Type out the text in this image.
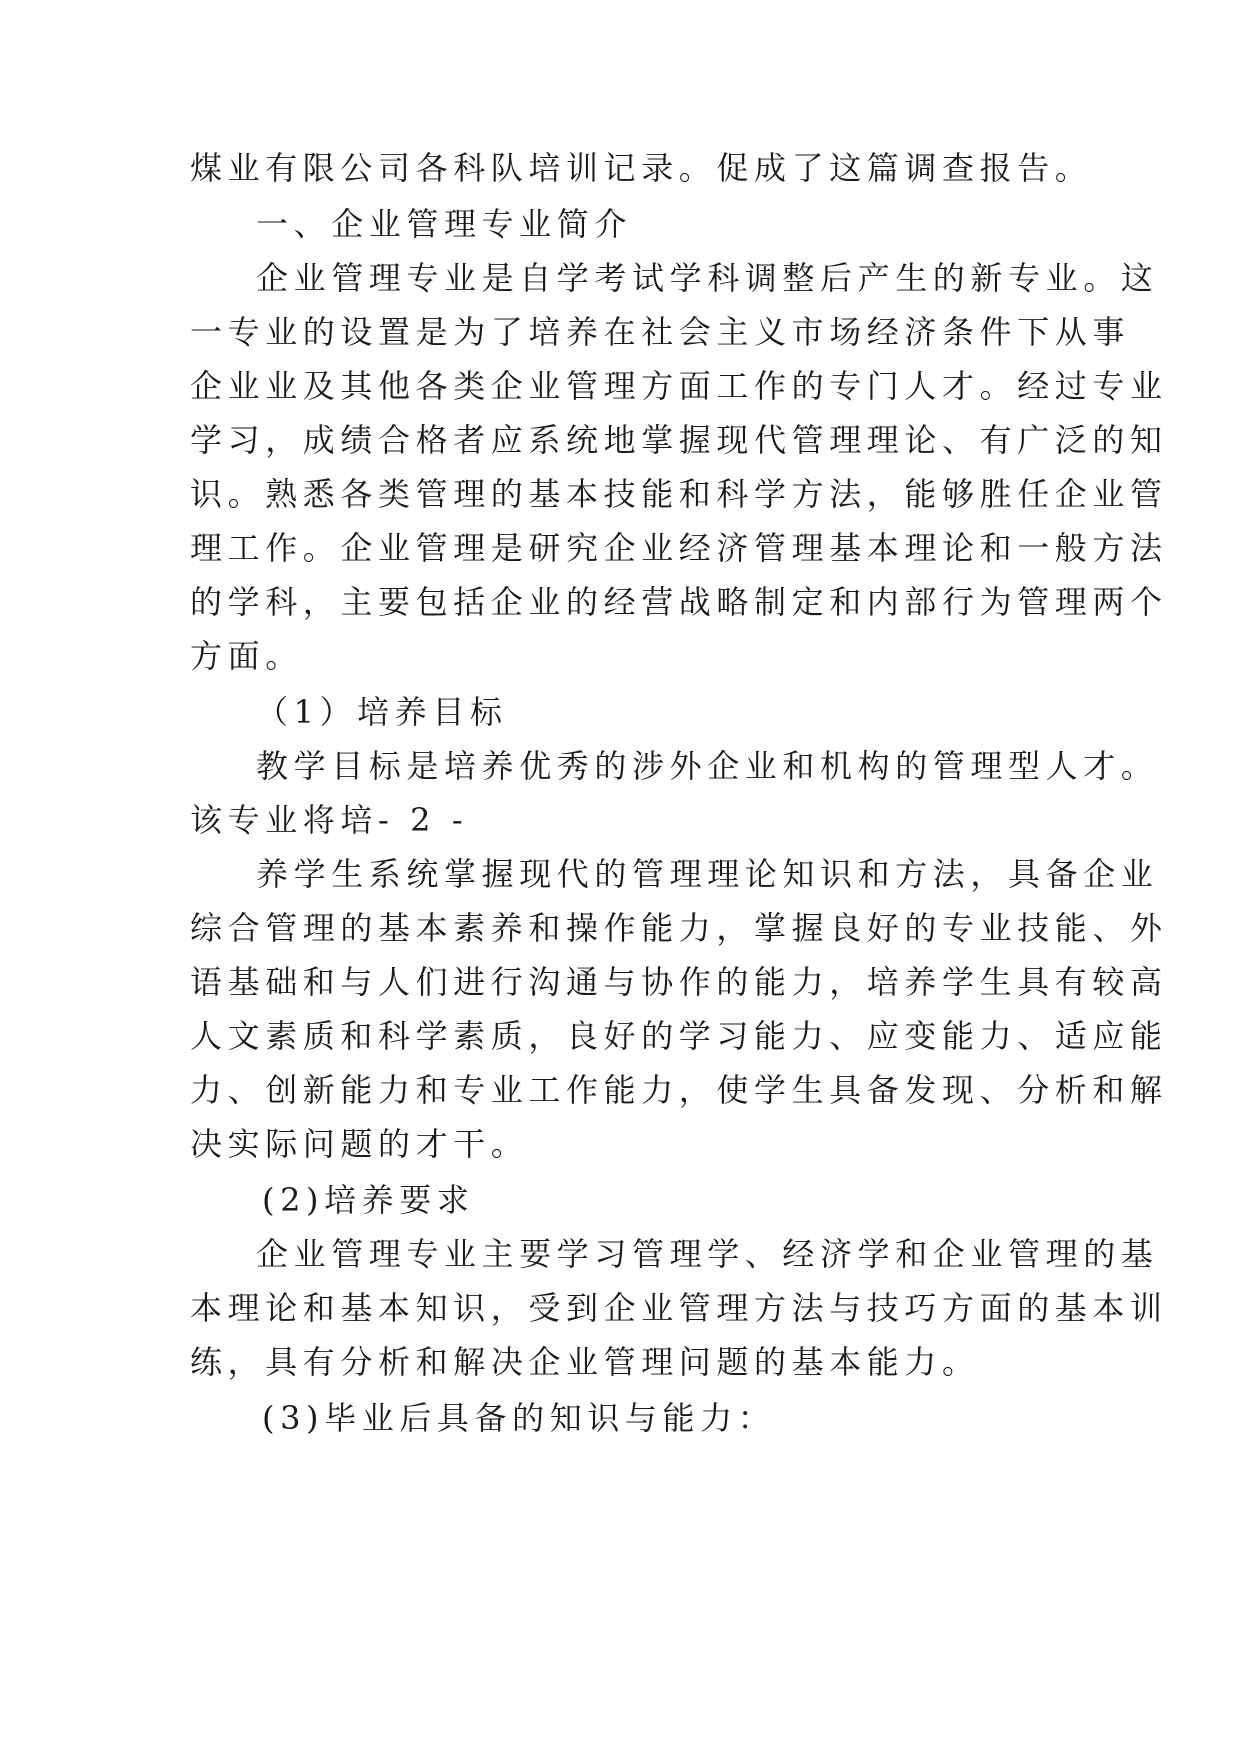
煤业有限公司各科队培训记录。促成了这篇调查报告。
一、企业管理专业简介
企业管理专业是自学考试学科调整后产生的新专业。这
一专业的设置是为了培养在社会主义市场经济条件下从事
企业业及其他各类企业管理方面工作的专门人才。经过专业
学习，成绩合格者应系统地掌握现代管理理论、有广泛的知
识。熟悉各类管理的基本技能和科学方法，能够胜任企业管
理工作。企业管理是研究企业经济管理基本理论和一般方法
的学科，主要包括企业的经营战略制定和内部行为管理两个
方面。
（1）培养目标
教学目标是培养优秀的涉外企业和机构的管理型人才。
该专业将培- 2 -
养学生系统掌握现代的管理理论知识和方法，具备企业
综合管理的基本素养和操作能力，掌握良好的专业技能、外
语基础和与人们进行沟通与协作的能力，培养学生具有较高
人文素质和科学素质，良好的学习能力、应变能力、适应能
力、创新能力和专业工作能力，使学生具备发现、分析和解
决实际问题的才干。
(2)培养要求
企业管理专业主要学习管理学、经济学和企业管理的基
本理论和基本知识，受到企业管理方法与技巧方面的基本训
练，具有分析和解决企业管理问题的基本能力。
(3)毕业后具备的知识与能力：
